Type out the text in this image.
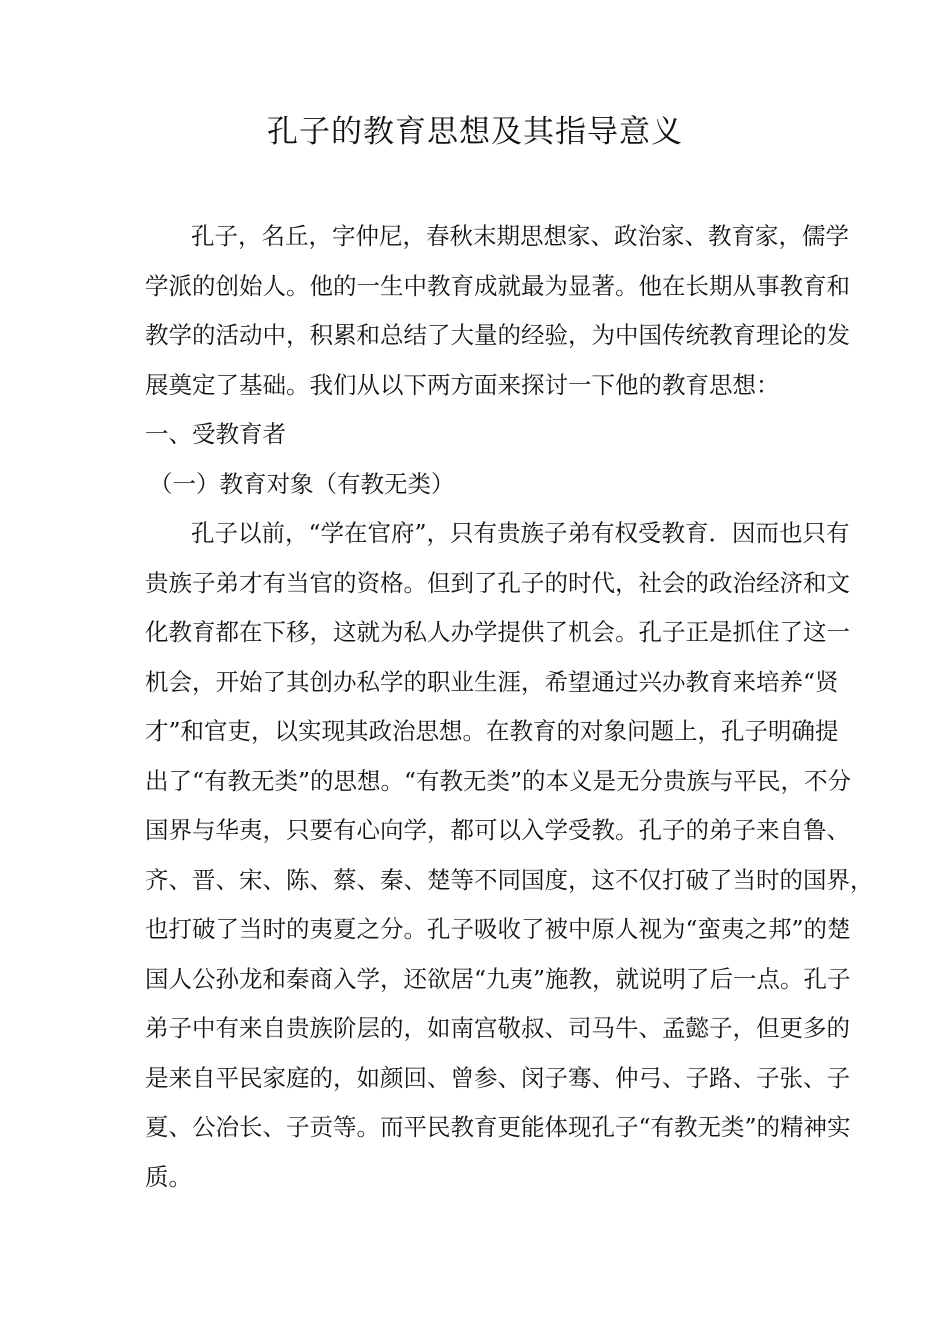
孔子的教育思想及其指导意义
孔子，名丘，字仲尼，春秋末期思想家、政治家、教育家，儒学
学派的创始人。他的一生中教育成就最为显著。他在长期从事教育和
教学的活动中，积累和总结了大量的经验，为中国传统教育理论的发
展奠定了基础。我们从以下两方面来探讨一下他的教育思想：
一、受教育者
（一）教育对象（有教无类）
孔子以前，“学在官府”，只有贵族子弟有权受教育．因而也只有
贵族子弟才有当官的资格。但到了孔子的时代，社会的政治经济和文
化教育都在下移，这就为私人办学提供了机会。孔子正是抓住了这一
机会，开始了其创办私学的职业生涯，希望通过兴办教育来培养“贤
才”和官吏，以实现其政治思想。在教育的对象问题上，孔子明确提
出了“有教无类”的思想。“有教无类”的本义是无分贵族与平民，不分
国界与华夷，只要有心向学，都可以入学受教。孔子的弟子来自鲁、
齐、晋、宋、陈、蔡、秦、楚等不同国度，这不仅打破了当时的国界，
也打破了当时的夷夏之分。孔子吸收了被中原人视为“蛮夷之邦”的楚
国人公孙龙和秦商入学，还欲居“九夷”施教，就说明了后一点。孔子
弟子中有来自贵族阶层的，如南宫敬叔、司马牛、孟懿子，但更多的
是来自平民家庭的，如颜回、曾参、闵子骞、仲弓、子路、子张、子
夏、公冶长、子贡等。而平民教育更能体现孔子“有教无类”的精神实
质。
